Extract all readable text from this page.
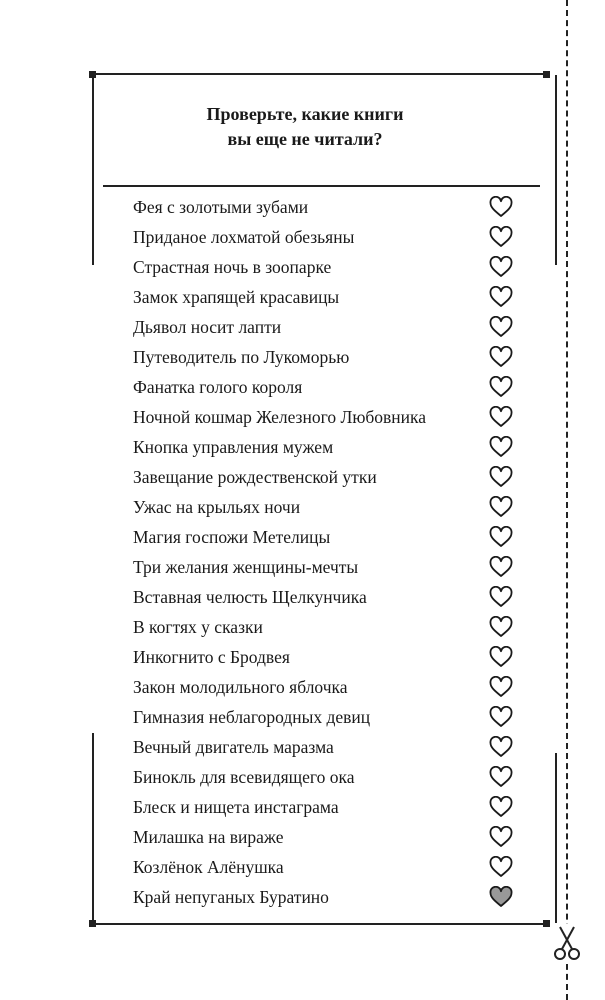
Проверьте, какие книги
вы еще не читали?
Фея с золотыми зубами
Приданое лохматой обезьяны
Страстная ночь в зоопарке
Замок храпящей красавицы
Дьявол носит лапти
Путеводитель по Лукоморью
Фанатка голого короля
Ночной кошмар Железного Любовника
Кнопка управления мужем
Завещание рождественской утки
Ужас на крыльях ночи
Магия госпожи Метелицы
Три желания женщины-мечты
Вставная челюсть Щелкунчика
В когтях у сказки
Инкогнито с Бродвея
Закон молодильного яблочка
Гимназия неблагородных девиц
Вечный двигатель маразма
Бинокль для всевидящего ока
Блеск и нищета инстаграма
Милашка на вираже
Козлёнок Алёнушка
Край непуганых Буратино
